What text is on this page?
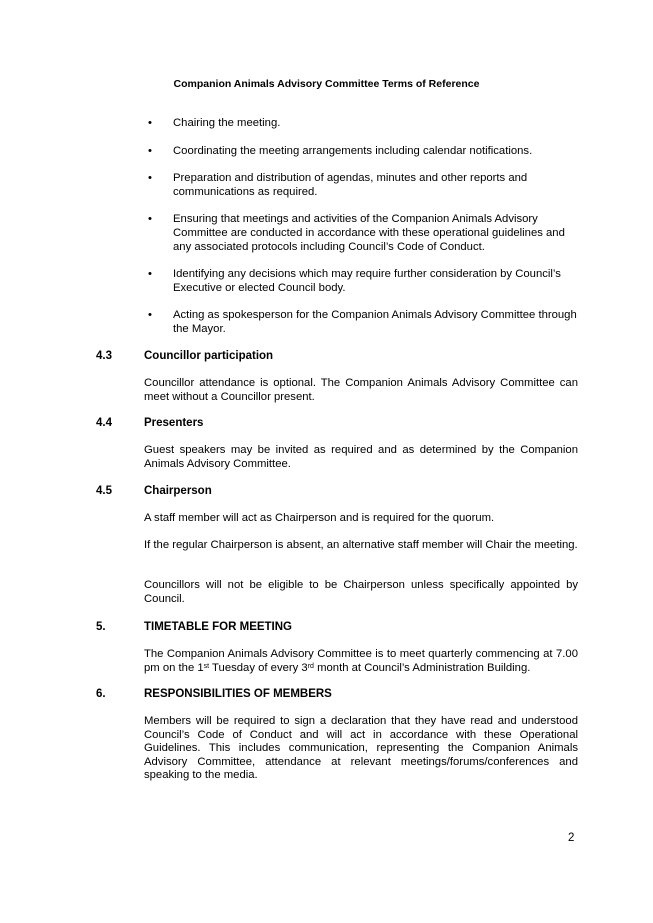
Companion Animals Advisory Committee Terms of Reference
• Chairing the meeting.
• Coordinating the meeting arrangements including calendar notifications.
• Preparation and distribution of agendas, minutes and other reports and communications as required.
• Ensuring that meetings and activities of the Companion Animals Advisory Committee are conducted in accordance with these operational guidelines and any associated protocols including Council’s Code of Conduct.
• Identifying any decisions which may require further consideration by Council’s Executive or elected Council body.
• Acting as spokesperson for the Companion Animals Advisory Committee through the Mayor.
4.3	Councillor participation
Councillor attendance is optional. The Companion Animals Advisory Committee can meet without a Councillor present.
4.4	Presenters
Guest speakers may be invited as required and as determined by the Companion Animals Advisory Committee.
4.5	Chairperson
A staff member will act as Chairperson and is required for the quorum.
If the regular Chairperson is absent, an alternative staff member will Chair the meeting.
Councillors will not be eligible to be Chairperson unless specifically appointed by Council.
5.	TIMETABLE FOR MEETING
The Companion Animals Advisory Committee is to meet quarterly commencing at 7.00 pm on the 1st Tuesday of every 3rd month at Council’s Administration Building.
6.	RESPONSIBILITIES OF MEMBERS
Members will be required to sign a declaration that they have read and understood Council’s Code of Conduct and will act in accordance with these Operational Guidelines. This includes communication, representing the Companion Animals Advisory Committee, attendance at relevant meetings/forums/conferences and speaking to the media.
2
